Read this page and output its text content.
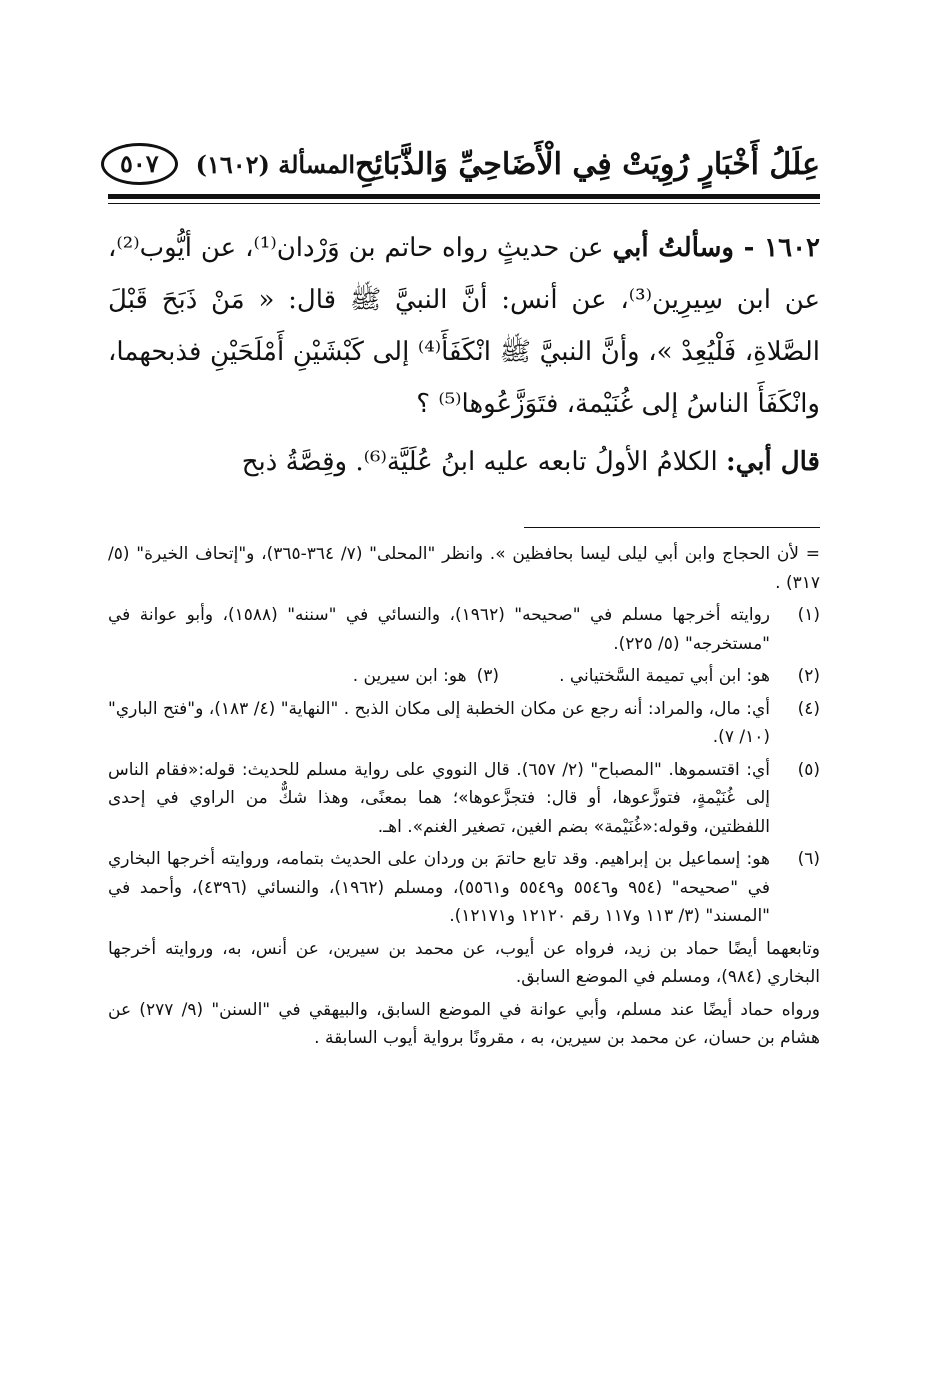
عِلَلُ أَخْبَارٍ رُوِيَتْ فِي الْأَضَاحِيِّ وَالذَّبَائِحِ
المسألة (١٦٠٢)
٥٠٧

١٦٠٢ - وسألتُ أبي عن حديثٍ رواه حاتم بن وَرْدان⁽¹⁾، عن أيُّوب⁽²⁾، عن ابن سِيرِين⁽³⁾، عن أنس: أنَّ النبيَّ ﷺ قال: « مَنْ ذَبَحَ قَبْلَ الصَّلاةِ، فَلْيُعِدْ »، وأنَّ النبيَّ ﷺ انْكَفَأَ⁽⁴⁾ إلى كَبْشَيْنِ أَمْلَحَيْنِ فذبحهما، وانْكَفَأَ الناسُ إلى غُنَيْمة، فتَوَزَّعُوها⁽⁵⁾ ؟

قال أبي: الكلامُ الأولُ تابعه عليه ابنُ عُلَيَّة⁽⁶⁾. وقِصَّةُ ذبح

= لأن الحجاج وابن أبي ليلى ليسا بحافظين ». وانظر "المحلى" (٧/ ٣٦٤-٣٦٥)، و"إتحاف الخيرة" (٥/ ٣١٧) .

(١)
روايته أخرجها مسلم في "صحيحه" (١٩٦٢)، والنسائي في "سننه" (١٥٨٨)، وأبو عوانة في "مستخرجه" (٥/ ٢٢٥).
(٢)
هو: ابن أبي تميمة السَّختياني .
(٣)
هو: ابن سيرين .
(٤)
أي: مال، والمراد: أنه رجع عن مكان الخطبة إلى مكان الذبح . "النهاية" (٤/ ١٨٣)، و"فتح الباري" (١٠/ ٧).
(٥)
أي: اقتسموها. "المصباح" (٢/ ٦٥٧). قال النووي على رواية مسلم للحديث: قوله:«فقام الناس إلى غُنَيْمةٍ، فتوزَّعوها، أو قال: فتجزَّعوها»؛ هما بمعنًى، وهذا شكٌّ من الراوي في إحدى اللفظتين، وقوله:«غُنَيْمة» بضم الغين، تصغير الغنم». اهـ.
(٦)
هو: إسماعيل بن إبراهيم. وقد تابع حاتمَ بن وردان على الحديث بتمامه، وروايته أخرجها البخاري في "صحيحه" (٩٥٤ و٥٥٤٦ و٥٥٤٩ و٥٥٦١)، ومسلم (١٩٦٢)، والنسائي (٤٣٩٦)، وأحمد في "المسند" (٣/ ١١٣ و١١٧ رقم ١٢١٢٠ و١٢١٧١).

وتابعهما أيضًا حماد بن زيد، فرواه عن أيوب، عن محمد بن سيرين، عن أنس، به، وروايته أخرجها البخاري (٩٨٤)، ومسلم في الموضع السابق.

ورواه حماد أيضًا عند مسلم، وأبي عوانة في الموضع السابق، والبيهقي في "السنن" (٩/ ٢٧٧) عن هشام بن حسان، عن محمد بن سيرين، به ، مقرونًا برواية أيوب السابقة .
